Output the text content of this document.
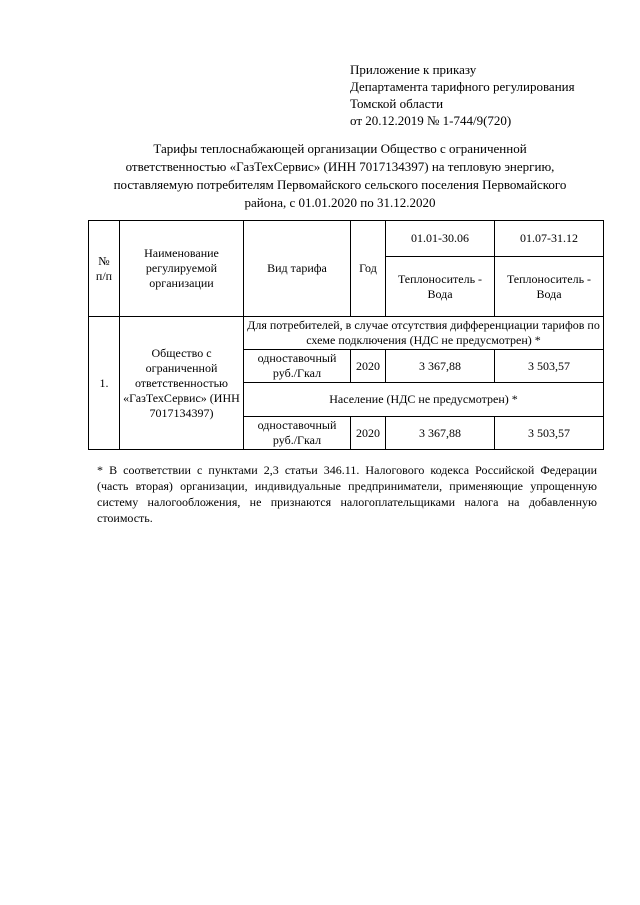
Приложение к приказу
Департамента тарифного регулирования
Томской области
от 20.12.2019 № 1-744/9(720)
Тарифы теплоснабжающей организации Общество с ограниченной
ответственностью «ГазТехСервис» (ИНН 7017134397) на тепловую энергию,
поставляемую потребителям Первомайского сельского поселения Первомайского
района, с 01.01.2020 по 31.12.2020
№ п/п	Наименование регулируемой организации	Вид тарифа	Год	01.01-30.06	01.07-31.12
				Теплоноситель - Вода	Теплоноситель - Вода
1.	Общество с ограниченной ответственностью «ГазТехСервис» (ИНН 7017134397)	Для потребителей, в случае отсутствия дифференциации тарифов по схеме подключения (НДС не предусмотрен) *			
		одноставочный руб./Гкал	2020	3 367,88	3 503,57
		Население (НДС не предусмотрен) *			
		одноставочный руб./Гкал	2020	3 367,88	3 503,57
* В соответствии с пунктами 2,3 статьи 346.11. Налогового кодекса Российской Федерации (часть вторая) организации, индивидуальные предприниматели, применяющие упрощенную систему налогообложения, не признаются налогоплательщиками налога на добавленную стоимость.
